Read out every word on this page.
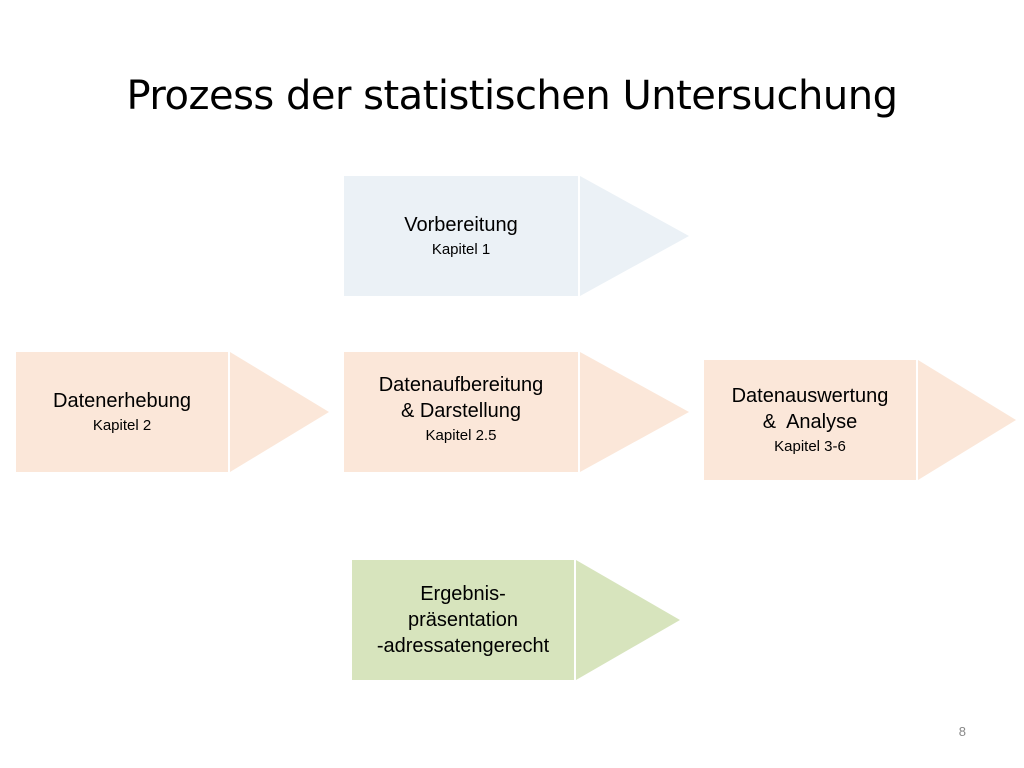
Prozess der statistischen Untersuchung
Vorbereitung
Kapitel 1
Datenerhebung
Kapitel 2
Datenaufbereitung
& Darstellung
Kapitel 2.5
Datenauswertung
&  Analyse
Kapitel 3-6
Ergebnis-
präsentation
-adressatengerecht
8
